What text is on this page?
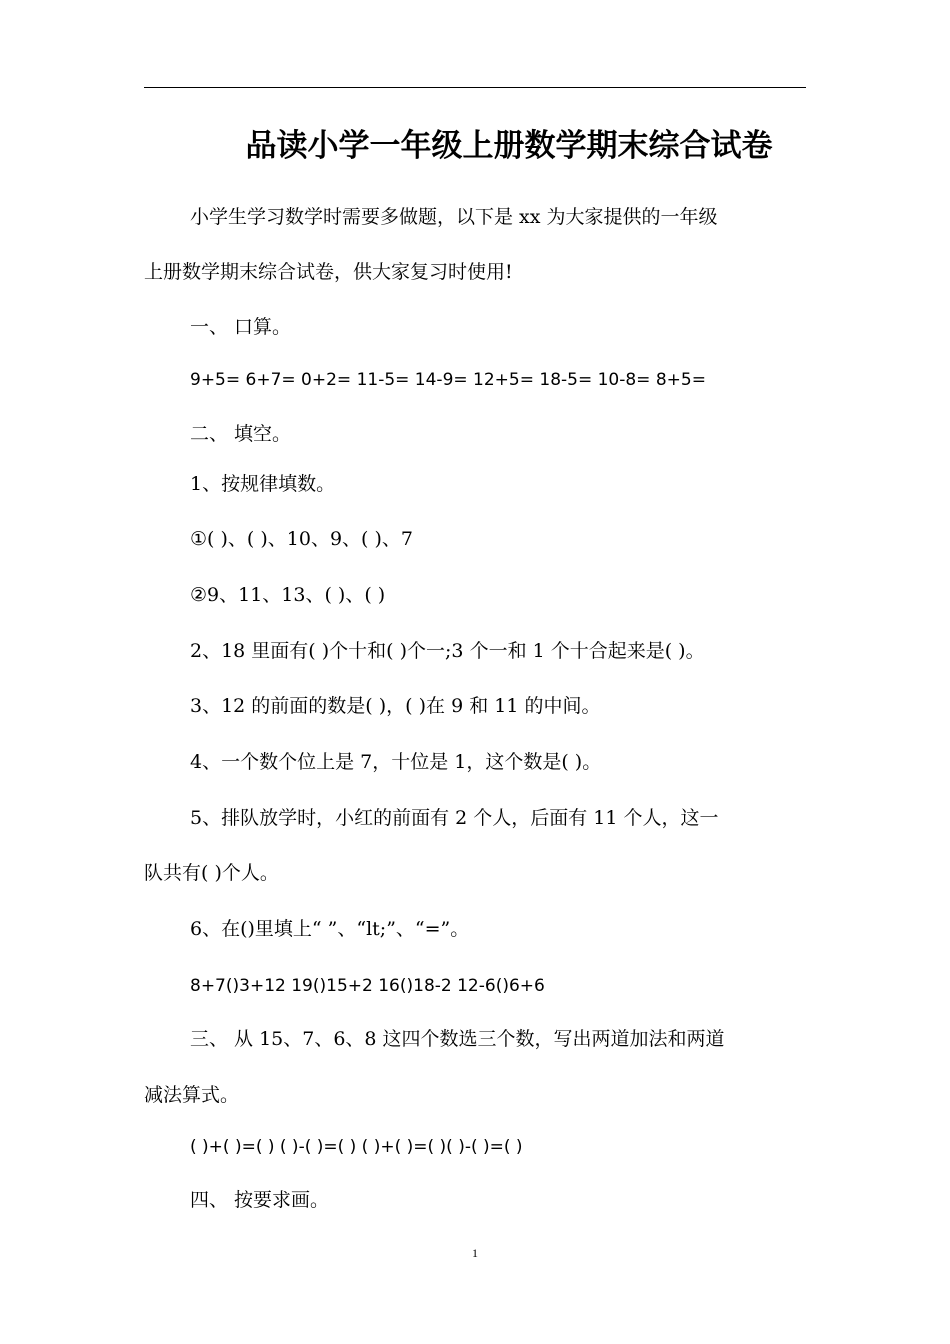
品读小学一年级上册数学期末综合试卷
小学生学习数学时需要多做题，以下是 xx 为大家提供的一年级
上册数学期末综合试卷，供大家复习时使用!
一、 口算。
9+5= 6+7= 0+2= 11-5= 14-9= 12+5= 18-5= 10-8= 8+5=
二、 填空。
1、按规律填数。
①( )、( )、10、9、( )、7
②9、11、13、( )、( )
2、18 里面有( )个十和( )个一;3 个一和 1 个十合起来是( )。
3、12 的前面的数是( )，( )在 9 和 11 的中间。
4、一个数个位上是 7，十位是 1，这个数是( )。
5、排队放学时，小红的前面有 2 个人，后面有 11 个人，这一
队共有( )个人。
6、在()里填上“ ”、“lt;”、“=”。
8+7()3+12 19()15+2 16()18-2 12-6()6+6
三、 从 15、7、6、8 这四个数选三个数，写出两道加法和两道
减法算式。
( )+( )=( ) ( )-( )=( ) ( )+( )=( )( )-( )=( )
四、 按要求画。
1
